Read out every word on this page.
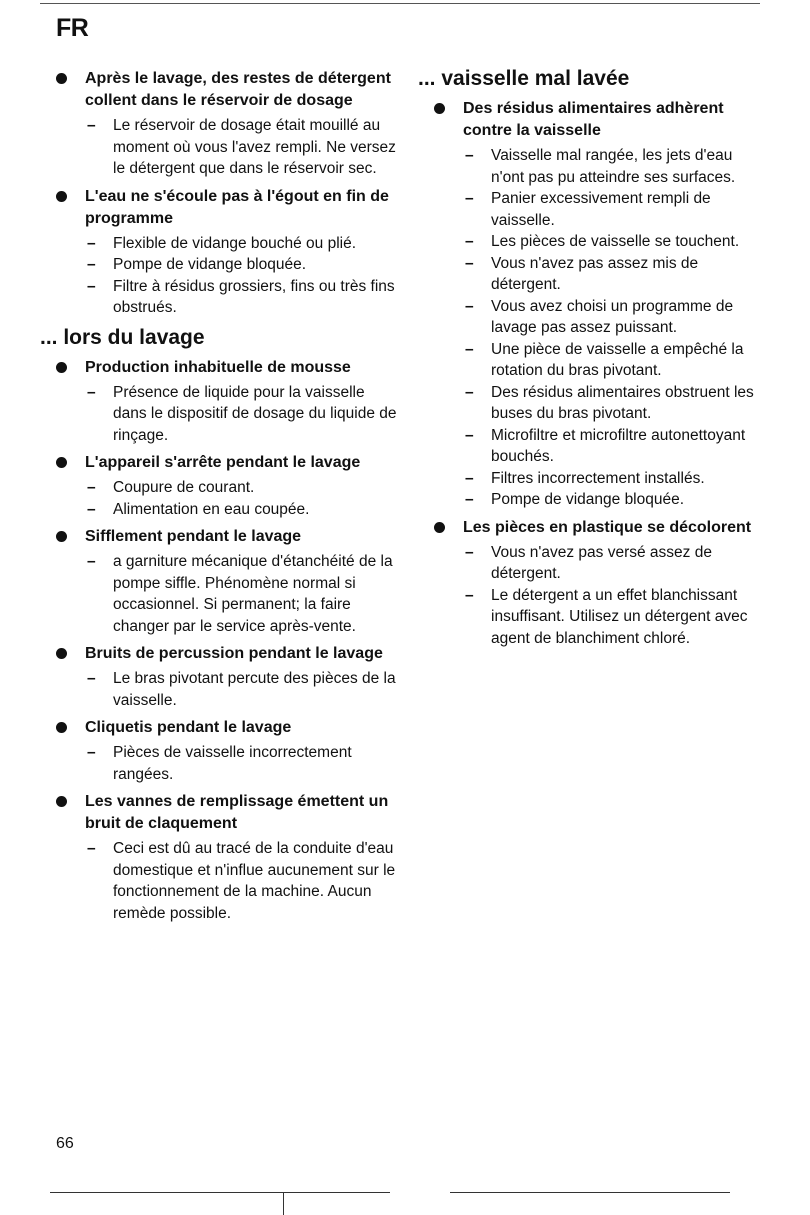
FR
Après le lavage, des restes de détergent collent dans le réservoir de dosage
– Le réservoir de dosage était mouillé au moment où vous l'avez rempli. Ne versez le détergent que dans le réservoir sec.
L'eau ne s'écoule pas à l'égout en fin de programme
– Flexible de vidange bouché ou plié.
– Pompe de vidange bloquée.
– Filtre à résidus grossiers, fins ou très fins obstrués.
... lors du lavage
Production inhabituelle de mousse
– Présence de liquide pour la vaisselle dans le dispositif de dosage du liquide de rinçage.
L'appareil s'arrête pendant le lavage
– Coupure de courant.
– Alimentation en eau coupée.
Sifflement pendant le lavage
– a garniture mécanique d'étanchéité de la pompe siffle. Phénomène normal si occasionnel. Si permanent; la faire changer par le service après-vente.
Bruits de percussion pendant le lavage
– Le bras pivotant percute des pièces de la vaisselle.
Cliquetis pendant le lavage
– Pièces de vaisselle incorrectement rangées.
Les vannes de remplissage émettent un bruit de claquement
– Ceci est dû au tracé de la conduite d'eau domestique et n'influe aucunement sur le fonctionnement de la machine. Aucun remède possible.
... vaisselle mal lavée
Des résidus alimentaires adhèrent contre la vaisselle
– Vaisselle mal rangée, les jets d'eau n'ont pas pu atteindre ses surfaces.
– Panier excessivement rempli de vaisselle.
– Les pièces de vaisselle se touchent.
– Vous n'avez pas assez mis de détergent.
– Vous avez choisi un programme de lavage pas assez puissant.
– Une pièce de vaisselle a empêché la rotation du bras pivotant.
– Des résidus alimentaires obstruent les buses du bras pivotant.
– Microfiltre et microfiltre autonettoyant bouchés.
– Filtres incorrectement installés.
– Pompe de vidange bloquée.
Les pièces en plastique se décolorent
– Vous n'avez pas versé assez de détergent.
– Le détergent a un effet blanchissant insuffisant. Utilisez un détergent avec agent de blanchiment chloré.
66
